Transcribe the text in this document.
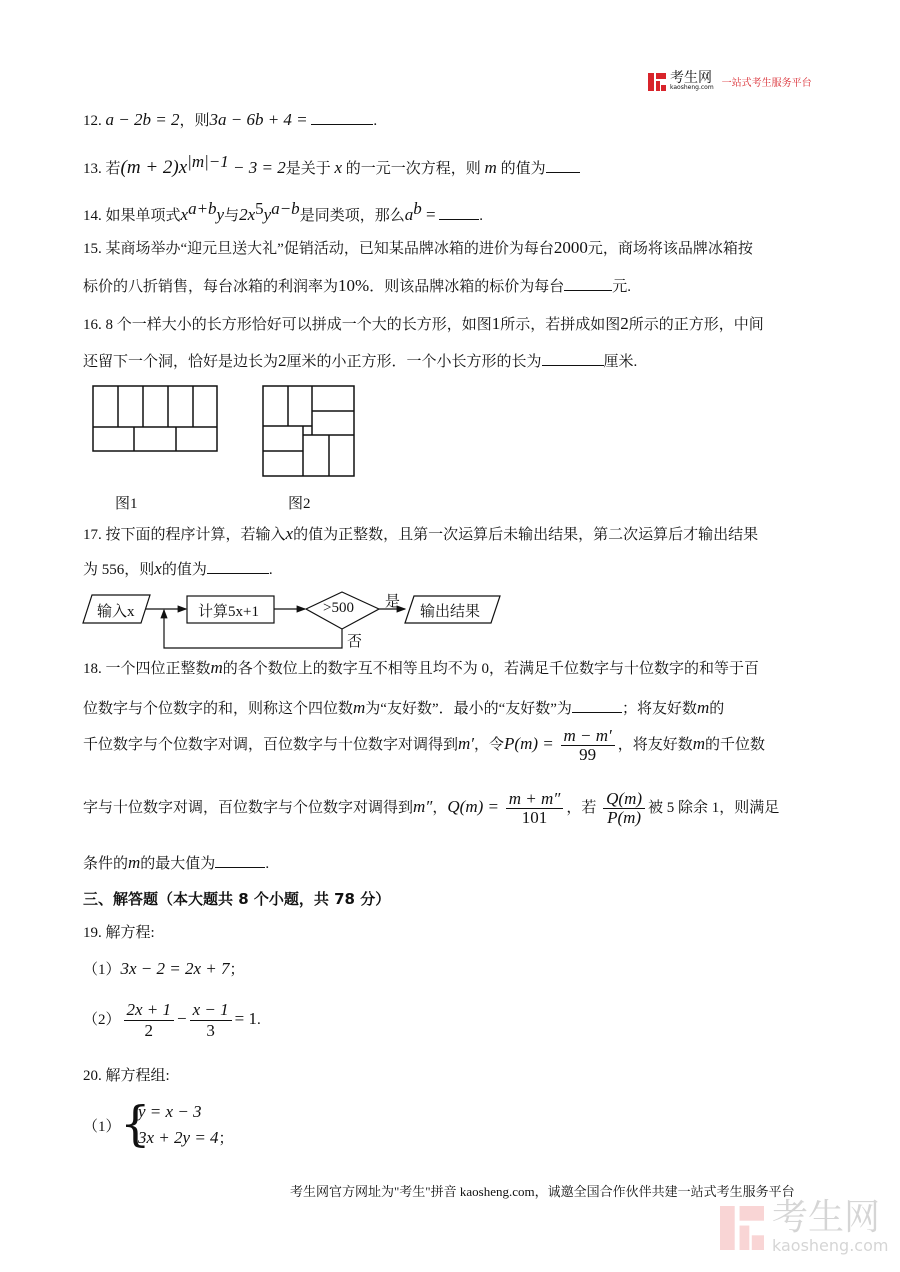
考生网
kaosheng.com 一站式考生服务平台
12. a − 2b = 2，则3a − 6b + 4 =	.
13. 若$(m + 2)x^{|m|-1} - 3 = 2$是关于 x 的一元一次方程，则 m 的值为
14. 如果单项式$x^{a+b}y$与$2x^5y^{a-b}$是同类项，那么$a^b$ =	.
15. 某商场举办“迎元旦送大礼”促销活动，已知某品牌冰箱的进价为每台2000元，商场将该品牌冰箱按
标价的八折销售，每台冰箱的利润率为10%．则该品牌冰箱的标价为每台	元.
16. 8 个一样大小的长方形恰好可以拼成一个大的长方形，如图1所示，若拼成如图2所示的正方形，中间
还留下一个洞，恰好是边长为2厘米的小正方形．一个小长方形的长为	厘米.
图1	图2
17. 按下面的程序计算，若输入x的值为正整数，且第一次运算后未输出结果，第二次运算后才输出结果
为 556，则x的值为	.
输入x	计算5x+1	>500 是
否
输出结果
18. 一个四位正整数m的各个数位上的数字互不相等且均不为 0，若满足千位数字与十位数字的和等于百
位数字与个位数字的和，则称这个四位数m为“友好数”．最小的“友好数”为	；将友好数m的
千位数字与个位数字对调，百位数字与十位数字对调得到m′，令$P(m) = \frac{m - m'}{99}$ ，将友好数m的千位数
字与十位数字对调，百位数字与个位数字对调得到m″，$Q(m) = \frac{m + m''}{101}$ ，若 $\frac{Q(m)}{P(m)}$ 被 5 除余 1，则满足
条件的m的最大值为	.
三、解答题（本大题共 8 个小题，共 78 分）
19. 解方程:
（1）3x − 2 = 2x + 7；
$(2) \frac{2x + 1}{2} - \frac{x - 1}{3} = 1$.
20. 解方程组:
（1） {
y = x − 3
3x + 2y = 4；
考生网官方网址为"考生"拼音 kaosheng.com，诚邀全国合作伙伴共建一站式考生服务平台
考生网
kaosheng.com
